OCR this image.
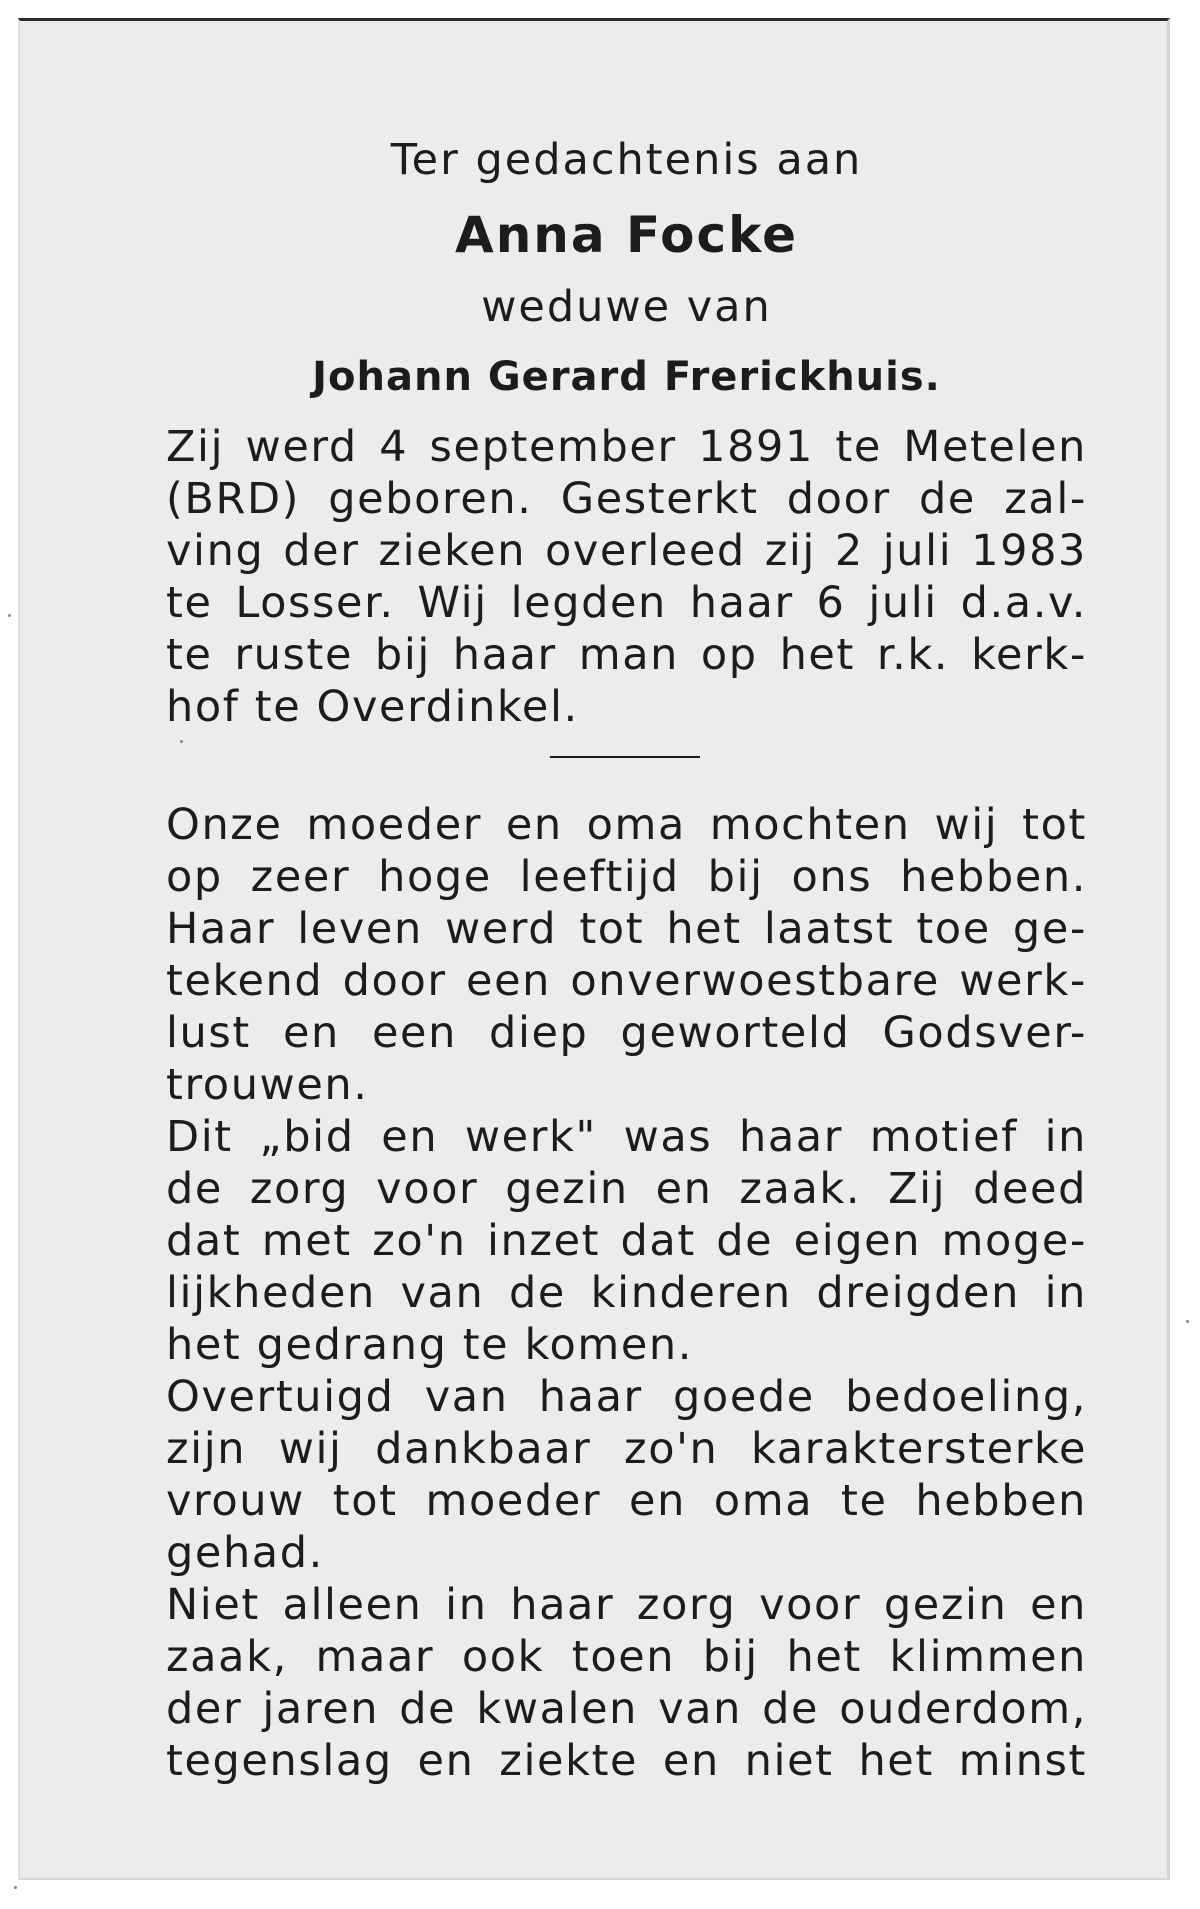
Ter gedachtenis aan
Anna Focke
weduwe van
Johann Gerard Frerickhuis.
Zij werd 4 september 1891 te Metelen
(BRD) geboren. Gesterkt door de zal-
ving der zieken overleed zij 2 juli 1983
te Losser. Wij legden haar 6 juli d.a.v.
te ruste bij haar man op het r.k. kerk-
hof te Overdinkel.
Onze moeder en oma mochten wij tot
op zeer hoge leeftijd bij ons hebben.
Haar leven werd tot het laatst toe ge-
tekend door een onverwoestbare werk-
lust en een diep geworteld Godsver-
trouwen.
Dit „bid en werk" was haar motief in
de zorg voor gezin en zaak. Zij deed
dat met zo'n inzet dat de eigen moge-
lijkheden van de kinderen dreigden in
het gedrang te komen.
Overtuigd van haar goede bedoeling,
zijn wij dankbaar zo'n karaktersterke
vrouw tot moeder en oma te hebben
gehad.
Niet alleen in haar zorg voor gezin en
zaak, maar ook toen bij het klimmen
der jaren de kwalen van de ouderdom,
tegenslag en ziekte en niet het minst
